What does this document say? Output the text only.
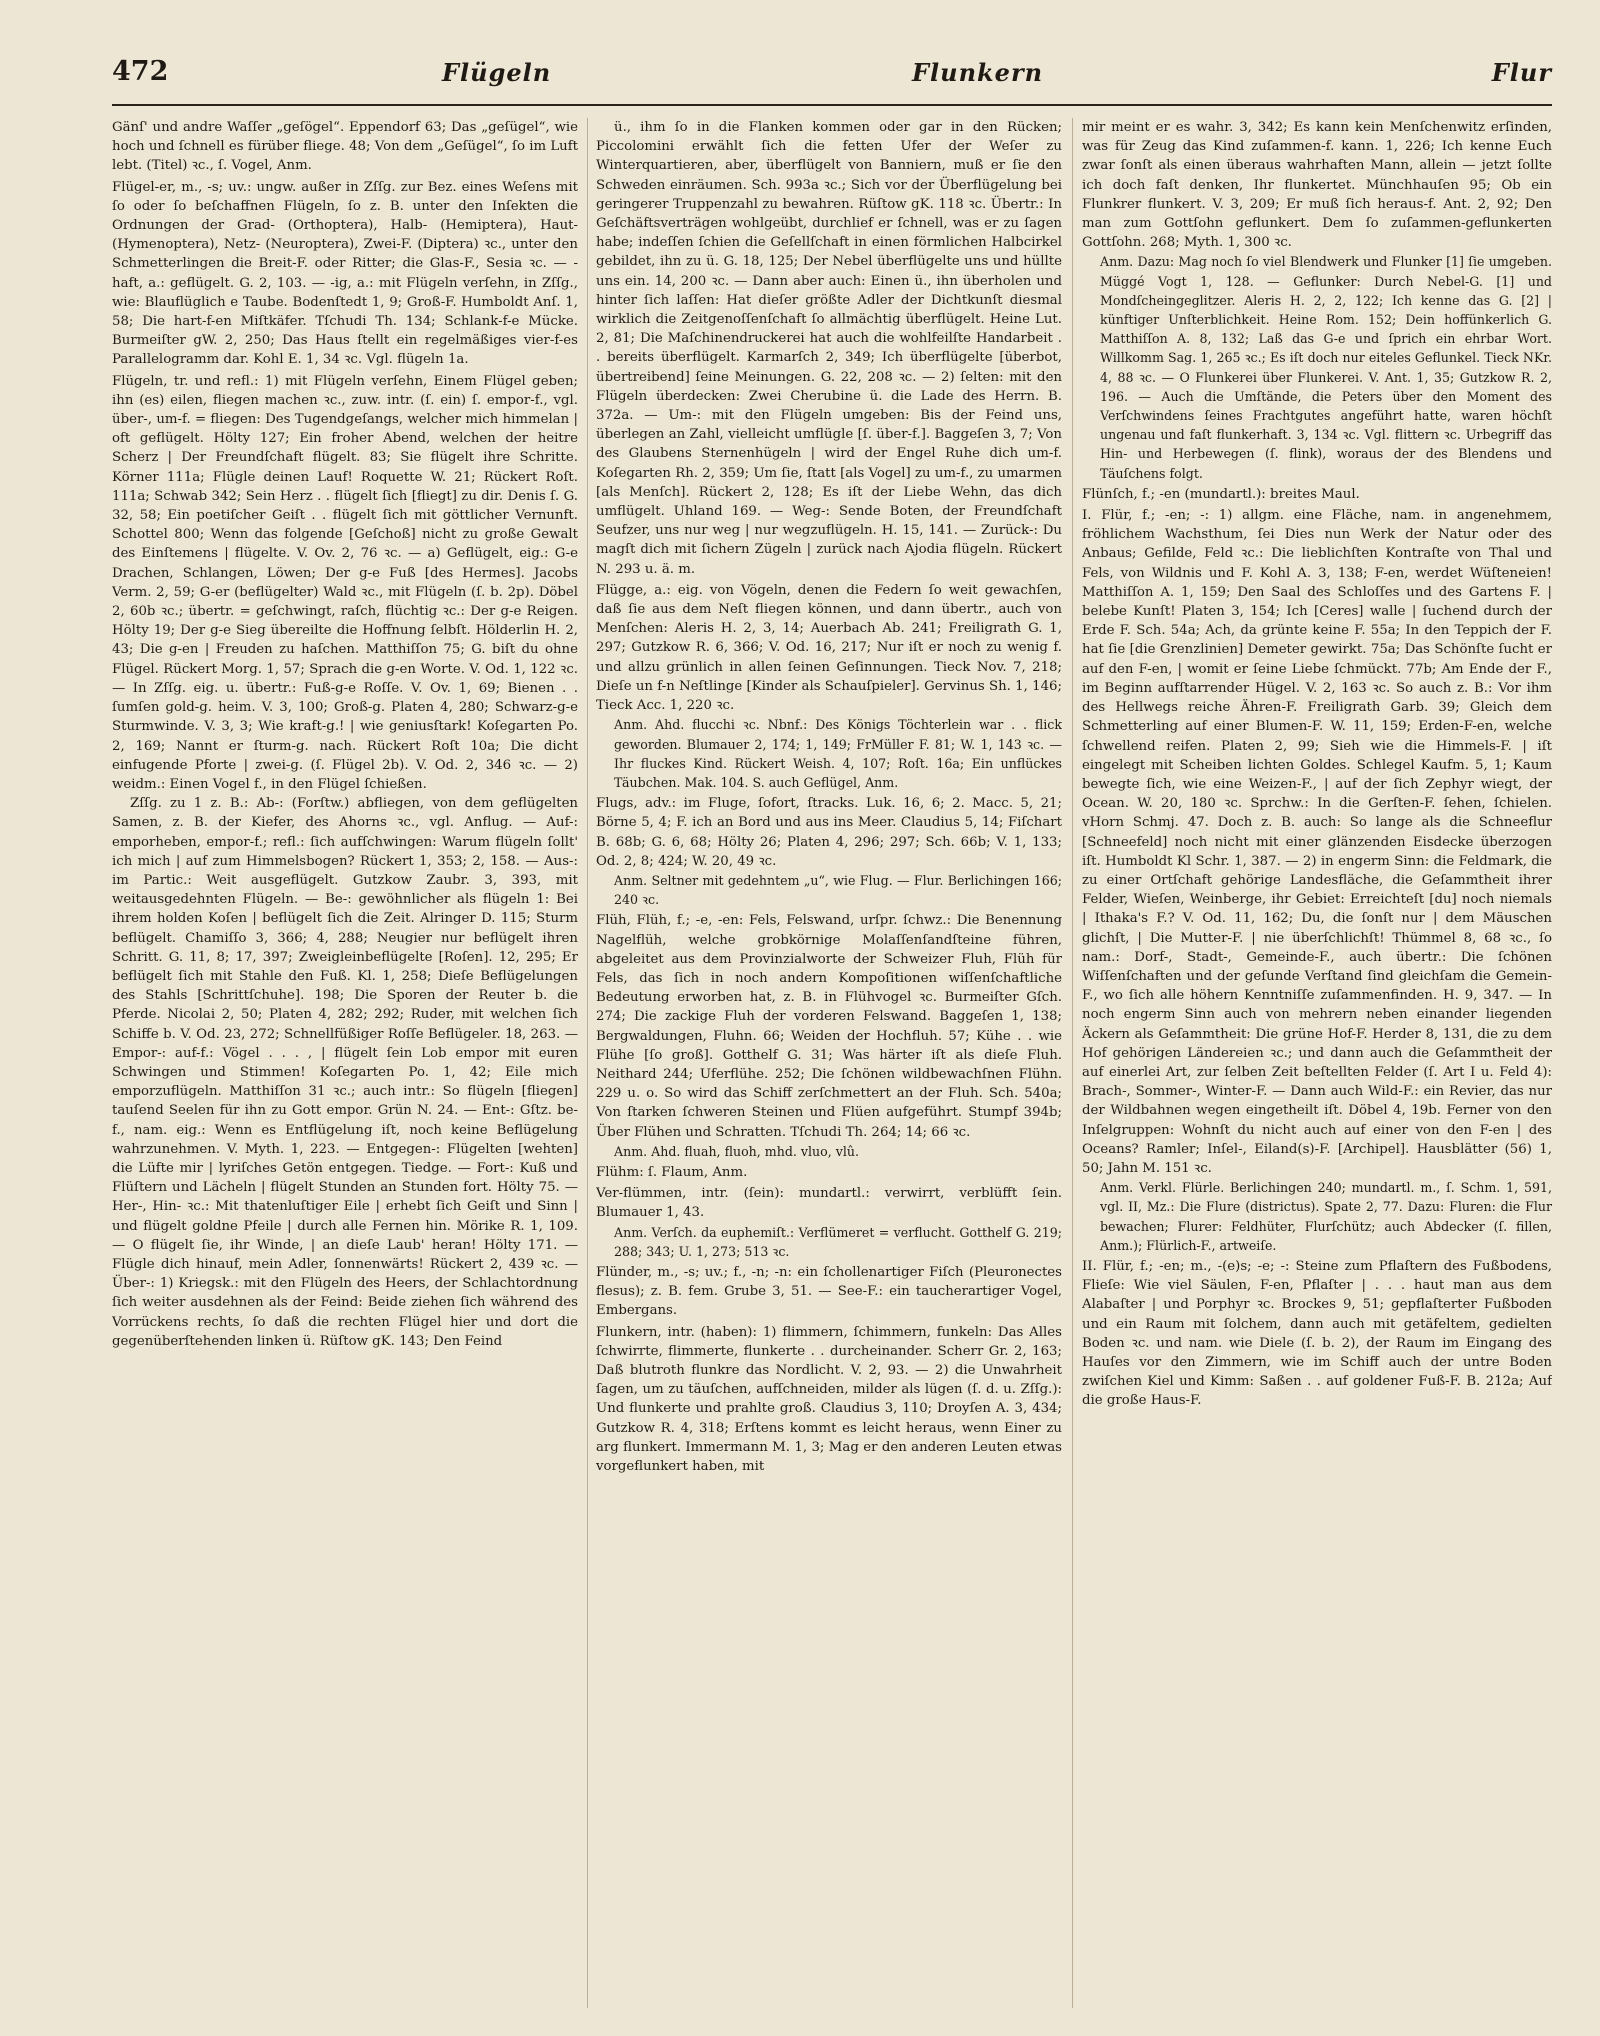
472	Flügeln	Flunkern	Flur

Gänſ' und andre Waſſer „geſögel“. Eppendorf 63; Das „geſügel“, wie hoch und ſchnell es fürüber fliege. 48; Von dem „Geſügel“, ſo im Luft lebt. (Titel) ꝛc., ſ. Vogel, Anm.

Flügel-er, m., -s; uv.: ungw. außer in Zſſg. zur Bez. eines Weſens mit ſo oder ſo beſchaffnen Flügeln, ſo z. B. unter den Inſekten die Ordnungen der Grad- (Orthoptera), Halb- (Hemiptera), Haut- (Hymenoptera), Netz- (Neuroptera), Zwei-F. (Diptera) ꝛc., unter den Schmetterlingen die Breit-F. oder Ritter; die Glas-F., Sesia ꝛc. — -haft, a.: geflügelt. G. 2, 103. — -ig, a.: mit Flügeln verſehn, in Zſſg., wie: Blauflüglich e Taube. Bodenſtedt 1, 9; Groß-F. Humboldt Anſ. 1, 58; Die hart-f-en Miſtkäfer. Tſchudi Th. 134; Schlank-f-e Mücke. Burmeiſter gW. 2, 250; Das Haus ſtellt ein regelmäßiges vier-f-es Parallelogramm dar. Kohl E. 1, 34 ꝛc. Vgl. flügeln 1a.

Flügeln, tr. und refl.: 1) mit Flügeln verſehn, Einem Flügel geben; ihn (es) eilen, fliegen machen ꝛc., zuw. intr. (ſ. ein) ſ. empor-f., vgl. über-, um-f. = fliegen: Des Tugendgeſangs, welcher mich himmelan | oft geflügelt. Hölty 127; Ein froher Abend, welchen der heitre Scherz | Der Freundſchaft flügelt. 83; Sie flügelt ihre Schritte. Körner 111a; Flügle deinen Lauf! Roquette W. 21; Rückert Roſt. 111a; Schwab 342; Sein Herz . . flügelt ſich [fliegt] zu dir. Denis ſ. G. 32, 58; Ein poetiſcher Geiſt . . flügelt ſich mit göttlicher Vernunft. Schottel 800; Wenn das folgende [Geſchoß] nicht zu große Gewalt des Einſtemens | flügelte. V. Ov. 2, 76 ꝛc. — a) Geflügelt, eig.: G-e Drachen, Schlangen, Löwen; Der g-e Fuß [des Hermes]. Jacobs Verm. 2, 59; G-er (beflügelter) Wald ꝛc., mit Flügeln (ſ. b. 2p). Döbel 2, 60b ꝛc.; übertr. = geſchwingt, raſch, flüchtig ꝛc.: Der g-e Reigen. Hölty 19; Der g-e Sieg übereilte die Hoffnung ſelbſt. Hölderlin H. 2, 43; Die g-en | Freuden zu haſchen. Matthiſſon 75; G. biſt du ohne Flügel. Rückert Morg. 1, 57; Sprach die g-en Worte. V. Od. 1, 122 ꝛc. — In Zſſg. eig. u. übertr.: Fuß-g-e Roſſe. V. Ov. 1, 69; Bienen . . ſumſen gold-g. heim. V. 3, 100; Groß-g. Platen 4, 280; Schwarz-g-e Sturmwinde. V. 3, 3; Wie kraft-g.! | wie geniusſtark! Koſegarten Po. 2, 169; Nannt er ſturm-g. nach. Rückert Roſt 10a; Die dicht einfugende Pforte | zwei-g. (ſ. Flügel 2b). V. Od. 2, 346 ꝛc. — 2) weidm.: Einen Vogel f., in den Flügel ſchießen.

Zſſg. zu 1 z. B.: Ab-: (Forſtw.) abfliegen, von dem geflügelten Samen, z. B. der Kiefer, des Ahorns ꝛc., vgl. Anflug. — Auf-: emporheben, empor-f.; refl.: ſich aufſchwingen: Warum flügeln ſollt' ich mich | auf zum Himmelsbogen? Rückert 1, 353; 2, 158. — Aus-: im Partic.: Weit ausgeflügelt. Gutzkow Zaubr. 3, 393, mit weitausgedehnten Flügeln. — Be-: gewöhnlicher als flügeln 1: Bei ihrem holden Koſen | beflügelt ſich die Zeit. Alringer D. 115; Sturm beflügelt. Chamiſſo 3, 366; 4, 288; Neugier nur beflügelt ihren Schritt. G. 11, 8; 17, 397; Zweigleinbeflügelte [Roſen]. 12, 295; Er beflügelt ſich mit Stahle den Fuß. Kl. 1, 258; Dieſe Beflügelungen des Stahls [Schrittſchuhe]. 198; Die Sporen der Reuter b. die Pferde. Nicolai 2, 50; Platen 4, 282; 292; Ruder, mit welchen ſich Schiffe b. V. Od. 23, 272; Schnellfüßiger Roſſe Beflügeler. 18, 263. — Empor-: auf-f.: Vögel . . . , | flügelt ſein Lob empor mit euren Schwingen und Stimmen! Koſegarten Po. 1, 42; Eile mich emporzuflügeln. Matthiſſon 31 ꝛc.; auch intr.: So flügeln [fliegen] tauſend Seelen für ihn zu Gott empor. Grün N. 24. — Ent-: Gſtz. be-f., nam. eig.: Wenn es Entflügelung iſt, noch keine Beflügelung wahrzunehmen. V. Myth. 1, 223. — Entgegen-: Flügelten [wehten] die Lüfte mir | lyriſches Getön entgegen. Tiedge. — Fort-: Kuß und Flüſtern und Lächeln | flügelt Stunden an Stunden fort. Hölty 75. — Her-, Hin- ꝛc.: Mit thatenluſtiger Eile | erhebt ſich Geiſt und Sinn | und flügelt goldne Pfeile | durch alle Fernen hin. Mörike R. 1, 109. — O flügelt ſie, ihr Winde, | an dieſe Laub' heran! Hölty 171. — Flügle dich hinauf, mein Adler, ſonnenwärts! Rückert 2, 439 ꝛc. — Über-: 1) Kriegsk.: mit den Flügeln des Heers, der Schlachtordnung ſich weiter ausdehnen als der Feind: Beide ziehen ſich während des Vorrückens rechts, ſo daß die rechten Flügel hier und dort die gegenüberſtehenden linken ü. Rüſtow gK. 143; Den Feind

ü., ihm ſo in die Flanken kommen oder gar in den Rücken; Piccolomini erwählt ſich die fetten Ufer der Weſer zu Winterquartieren, aber, überflügelt von Banniern, muß er ſie den Schweden einräumen. Sch. 993a ꝛc.; Sich vor der Überflügelung bei geringerer Truppenzahl zu bewahren. Rüſtow gK. 118 ꝛc. Übertr.: In Geſchäftsverträgen wohlgeübt, durchlief er ſchnell, was er zu ſagen habe; indeſſen ſchien die Geſellſchaft in einen förmlichen Halbcirkel gebildet, ihn zu ü. G. 18, 125; Der Nebel überflügelte uns und hüllte uns ein. 14, 200 ꝛc. — Dann aber auch: Einen ü., ihn überholen und hinter ſich laſſen: Hat dieſer größte Adler der Dichtkunſt diesmal wirklich die Zeitgenoſſenſchaft ſo allmächtig überflügelt. Heine Lut. 2, 81; Die Maſchinendruckerei hat auch die wohlfeilſte Handarbeit . . bereits überflügelt. Karmarſch 2, 349; Ich überflügelte [überbot, übertreibend] ſeine Meinungen. G. 22, 208 ꝛc. — 2) ſelten: mit den Flügeln überdecken: Zwei Cherubine ü. die Lade des Herrn. B. 372a. — Um-: mit den Flügeln umgeben: Bis der Feind uns, überlegen an Zahl, vielleicht umflügle [ſ. über-f.]. Baggeſen 3, 7; Von des Glaubens Sternenhügeln | wird der Engel Ruhe dich um-f. Koſegarten Rh. 2, 359; Um ſie, ſtatt [als Vogel] zu um-f., zu umarmen [als Menſch]. Rückert 2, 128; Es iſt der Liebe Wehn, das dich umflügelt. Uhland 169. — Weg-: Sende Boten, der Freundſchaft Seufzer, uns nur weg | nur wegzuflügeln. H. 15, 141. — Zurück-: Du magſt dich mit ſichern Zügeln | zurück nach Ajodia flügeln. Rückert N. 293 u. ä. m.

Flügge, a.: eig. von Vögeln, denen die Federn ſo weit gewachſen, daß ſie aus dem Neſt fliegen können, und dann übertr., auch von Menſchen: Aleris H. 2, 3, 14; Auerbach Ab. 241; Freiligrath G. 1, 297; Gutzkow R. 6, 366; V. Od. 16, 217; Nur iſt er noch zu wenig f. und allzu grünlich in allen ſeinen Geſinnungen. Tieck Nov. 7, 218; Dieſe un f-n Neſtlinge [Kinder als Schauſpieler]. Gervinus Sh. 1, 146; Tieck Acc. 1, 220 ꝛc.

Anm. Ahd. flucchi ꝛc. Nbnf.: Des Königs Töchterlein war . . flick geworden. Blumauer 2, 174; 1, 149; FrMüller F. 81; W. 1, 143 ꝛc. — Ihr fluckes Kind. Rückert Weish. 4, 107; Roſt. 16a; Ein unflückes Täubchen. Mak. 104. S. auch Geflügel, Anm.

Flugs, adv.: im Fluge, ſofort, ſtracks. Luk. 16, 6; 2. Macc. 5, 21; Börne 5, 4; F. ich an Bord und aus ins Meer. Claudius 5, 14; Fiſchart B. 68b; G. 6, 68; Hölty 26; Platen 4, 296; 297; Sch. 66b; V. 1, 133; Od. 2, 8; 424; W. 20, 49 ꝛc.

Anm. Seltner mit gedehntem „u“, wie Flug. — Flur. Berlichingen 166; 240 ꝛc.

Flüh, Flüh, f.; -e, -en: Fels, Felswand, urſpr. ſchwz.: Die Benennung Nagelflüh, welche grobkörnige Molaſſenſandſteine führen, abgeleitet aus dem Provinzialworte der Schweizer Fluh, Flüh für Fels, das ſich in noch andern Kompoſitionen wiſſenſchaftliche Bedeutung erworben hat, z. B. in Flühvogel ꝛc. Burmeiſter Gſch. 274; Die zackige Fluh der vorderen Felswand. Baggeſen 1, 138; Bergwaldungen, Fluhn. 66; Weiden der Hochfluh. 57; Kühe . . wie Flühe [ſo groß]. Gotthelf G. 31; Was härter iſt als dieſe Fluh. Neithard 244; Uferflühe. 252; Die ſchönen wildbewachſnen Flühn. 229 u. o. So wird das Schiff zerſchmettert an der Fluh. Sch. 540a; Von ſtarken ſchweren Steinen und Flüen aufgeführt. Stumpf 394b; Über Flühen und Schratten. Tſchudi Th. 264; 14; 66 ꝛc.

Anm. Ahd. fluah, fluoh, mhd. vluo, vlû.

Flühm: ſ. Flaum, Anm.

Ver-flümmen, intr. (ſein): mundartl.: verwirrt, verblüfft ſein. Blumauer 1, 43.

Anm. Verſch. da euphemiſt.: Verflümeret = verflucht. Gotthelf G. 219; 288; 343; U. 1, 273; 513 ꝛc.

Flünder, m., -s; uv.; f., -n; -n: ein ſchollenartiger Fiſch (Pleuronectes flesus); z. B. fem. Grube 3, 51. — See-F.: ein taucherartiger Vogel, Embergans.

Flunkern, intr. (haben): 1) flimmern, ſchimmern, funkeln: Das Alles ſchwirrte, flimmerte, flunkerte . . durcheinander. Scherr Gr. 2, 163; Daß blutroth flunkre das Nordlicht. V. 2, 93. — 2) die Unwahrheit ſagen, um zu täuſchen, aufſchneiden, milder als lügen (ſ. d. u. Zſſg.): Und flunkerte und prahlte groß. Claudius 3, 110; Droyſen A. 3, 434; Gutzkow R. 4, 318; Erſtens kommt es leicht heraus, wenn Einer zu arg flunkert. Immermann M. 1, 3; Mag er den anderen Leuten etwas vorgeflunkert haben, mit

mir meint er es wahr. 3, 342; Es kann kein Menſchenwitz erſinden, was für Zeug das Kind zuſammen-f. kann. 1, 226; Ich kenne Euch zwar ſonſt als einen überaus wahrhaften Mann, allein — jetzt ſollte ich doch faſt denken, Ihr flunkertet. Münchhauſen 95; Ob ein Flunkrer flunkert. V. 3, 209; Er muß ſich heraus-f. Ant. 2, 92; Den man zum Gottſohn geflunkert. Dem ſo zuſammen-geflunkerten Gottſohn. 268; Myth. 1, 300 ꝛc.

Anm. Dazu: Mag noch ſo viel Blendwerk und Flunker [1] ſie umgeben. Müggé Vogt 1, 128. — Geflunker: Durch Nebel-G. [1] und Mondſcheingeglitzer. Aleris H. 2, 2, 122; Ich kenne das G. [2] | künftiger Unſterblichkeit. Heine Rom. 152; Dein hoffünkerlich G. Matthiſſon A. 8, 132; Laß das G-e und ſprich ein ehrbar Wort. Willkomm Sag. 1, 265 ꝛc.; Es iſt doch nur eiteles Geflunkel. Tieck NKr. 4, 88 ꝛc. — O Flunkerei über Flunkerei. V. Ant. 1, 35; Gutzkow R. 2, 196. — Auch die Umſtände, die Peters über den Moment des Verſchwindens ſeines Frachtgutes angeführt hatte, waren höchſt ungenau und faſt flunkerhaft. 3, 134 ꝛc. Vgl. flittern ꝛc. Urbegriff das Hin- und Herbewegen (ſ. flink), woraus der des Blendens und Täuſchens folgt.

Flünſch, f.; -en (mundartl.): breites Maul.

I. Flür, f.; -en; -: 1) allgm. eine Fläche, nam. in angenehmem, fröhlichem Wachsthum, ſei Dies nun Werk der Natur oder des Anbaus; Gefilde, Feld ꝛc.: Die lieblichſten Kontraſte von Thal und Fels, von Wildnis und F. Kohl A. 3, 138; F-en, werdet Wüſteneien! Matthiſſon A. 1, 159; Den Saal des Schloſſes und des Gartens F. | belebe Kunſt! Platen 3, 154; Ich [Ceres] walle | ſuchend durch der Erde F. Sch. 54a; Ach, da grünte keine F. 55a; In den Teppich der F. hat ſie [die Grenzlinien] Demeter gewirkt. 75a; Das Schönſte ſucht er auf den F-en, | womit er ſeine Liebe ſchmückt. 77b; Am Ende der F., im Beginn aufſtarrender Hügel. V. 2, 163 ꝛc. So auch z. B.: Vor ihm des Hellwegs reiche Ähren-F. Freiligrath Garb. 39; Gleich dem Schmetterling auf einer Blumen-F. W. 11, 159; Erden-F-en, welche ſchwellend reifen. Platen 2, 99; Sieh wie die Himmels-F. | iſt eingelegt mit Scheiben lichten Goldes. Schlegel Kaufm. 5, 1; Kaum bewegte ſich, wie eine Weizen-F., | auf der ſich Zephyr wiegt, der Ocean. W. 20, 180 ꝛc. Sprchw.: In die Gerſten-F. ſehen, ſchielen. vHorn Schmj. 47. Doch z. B. auch: So lange als die Schneeflur [Schneefeld] noch nicht mit einer glänzenden Eisdecke überzogen iſt. Humboldt Kl Schr. 1, 387. — 2) in engerm Sinn: die Feldmark, die zu einer Ortſchaft gehörige Landesfläche, die Geſammtheit ihrer Felder, Wieſen, Weinberge, ihr Gebiet: Erreichteſt [du] noch niemals | Ithaka's F.? V. Od. 11, 162; Du, die ſonſt nur | dem Mäuschen glichſt, | Die Mutter-F. | nie überſchlichſt! Thümmel 8, 68 ꝛc., ſo nam.: Dorf-, Stadt-, Gemeinde-F., auch übertr.: Die ſchönen Wiſſenſchaften und der geſunde Verſtand ſind gleichſam die Gemein-F., wo ſich alle höhern Kenntniſſe zuſammenfinden. H. 9, 347. — In noch engerm Sinn auch von mehrern neben einander liegenden Äckern als Geſammtheit: Die grüne Hof-F. Herder 8, 131, die zu dem Hof gehörigen Ländereien ꝛc.; und dann auch die Geſammtheit der auf einerlei Art, zur ſelben Zeit beſtellten Felder (ſ. Art I u. Feld 4): Brach-, Sommer-, Winter-F. — Dann auch Wild-F.: ein Revier, das nur der Wildbahnen wegen eingetheilt iſt. Döbel 4, 19b. Ferner von den Inſelgruppen: Wohnſt du nicht auch auf einer von den F-en | des Oceans? Ramler; Inſel-, Eiland(s)-F. [Archipel]. Hausblätter (56) 1, 50; Jahn M. 151 ꝛc.

Anm. Verkl. Flürle. Berlichingen 240; mundartl. m., ſ. Schm. 1, 591, vgl. II, Mz.: Die Flure (districtus). Spate 2, 77. Dazu: Fluren: die Flur bewachen; Flurer: Feldhüter, Flurſchütz; auch Abdecker (ſ. fillen, Anm.); Flürlich-F., artweiſe.

II. Flür, f.; -en; m., -(e)s; -e; -: Steine zum Pflaſtern des Fußbodens, Flieſe: Wie viel Säulen, F-en, Pflaſter | . . . haut man aus dem Alabaſter | und Porphyr ꝛc. Brockes 9, 51; gepflaſterter Fußboden und ein Raum mit ſolchem, dann auch mit getäfeltem, gedielten Boden ꝛc. und nam. wie Diele (ſ. b. 2), der Raum im Eingang des Hauſes vor den Zimmern, wie im Schiff auch der untre Boden zwiſchen Kiel und Kimm: Saßen . . auf goldener Fuß-F. B. 212a; Auf die große Haus-F.
